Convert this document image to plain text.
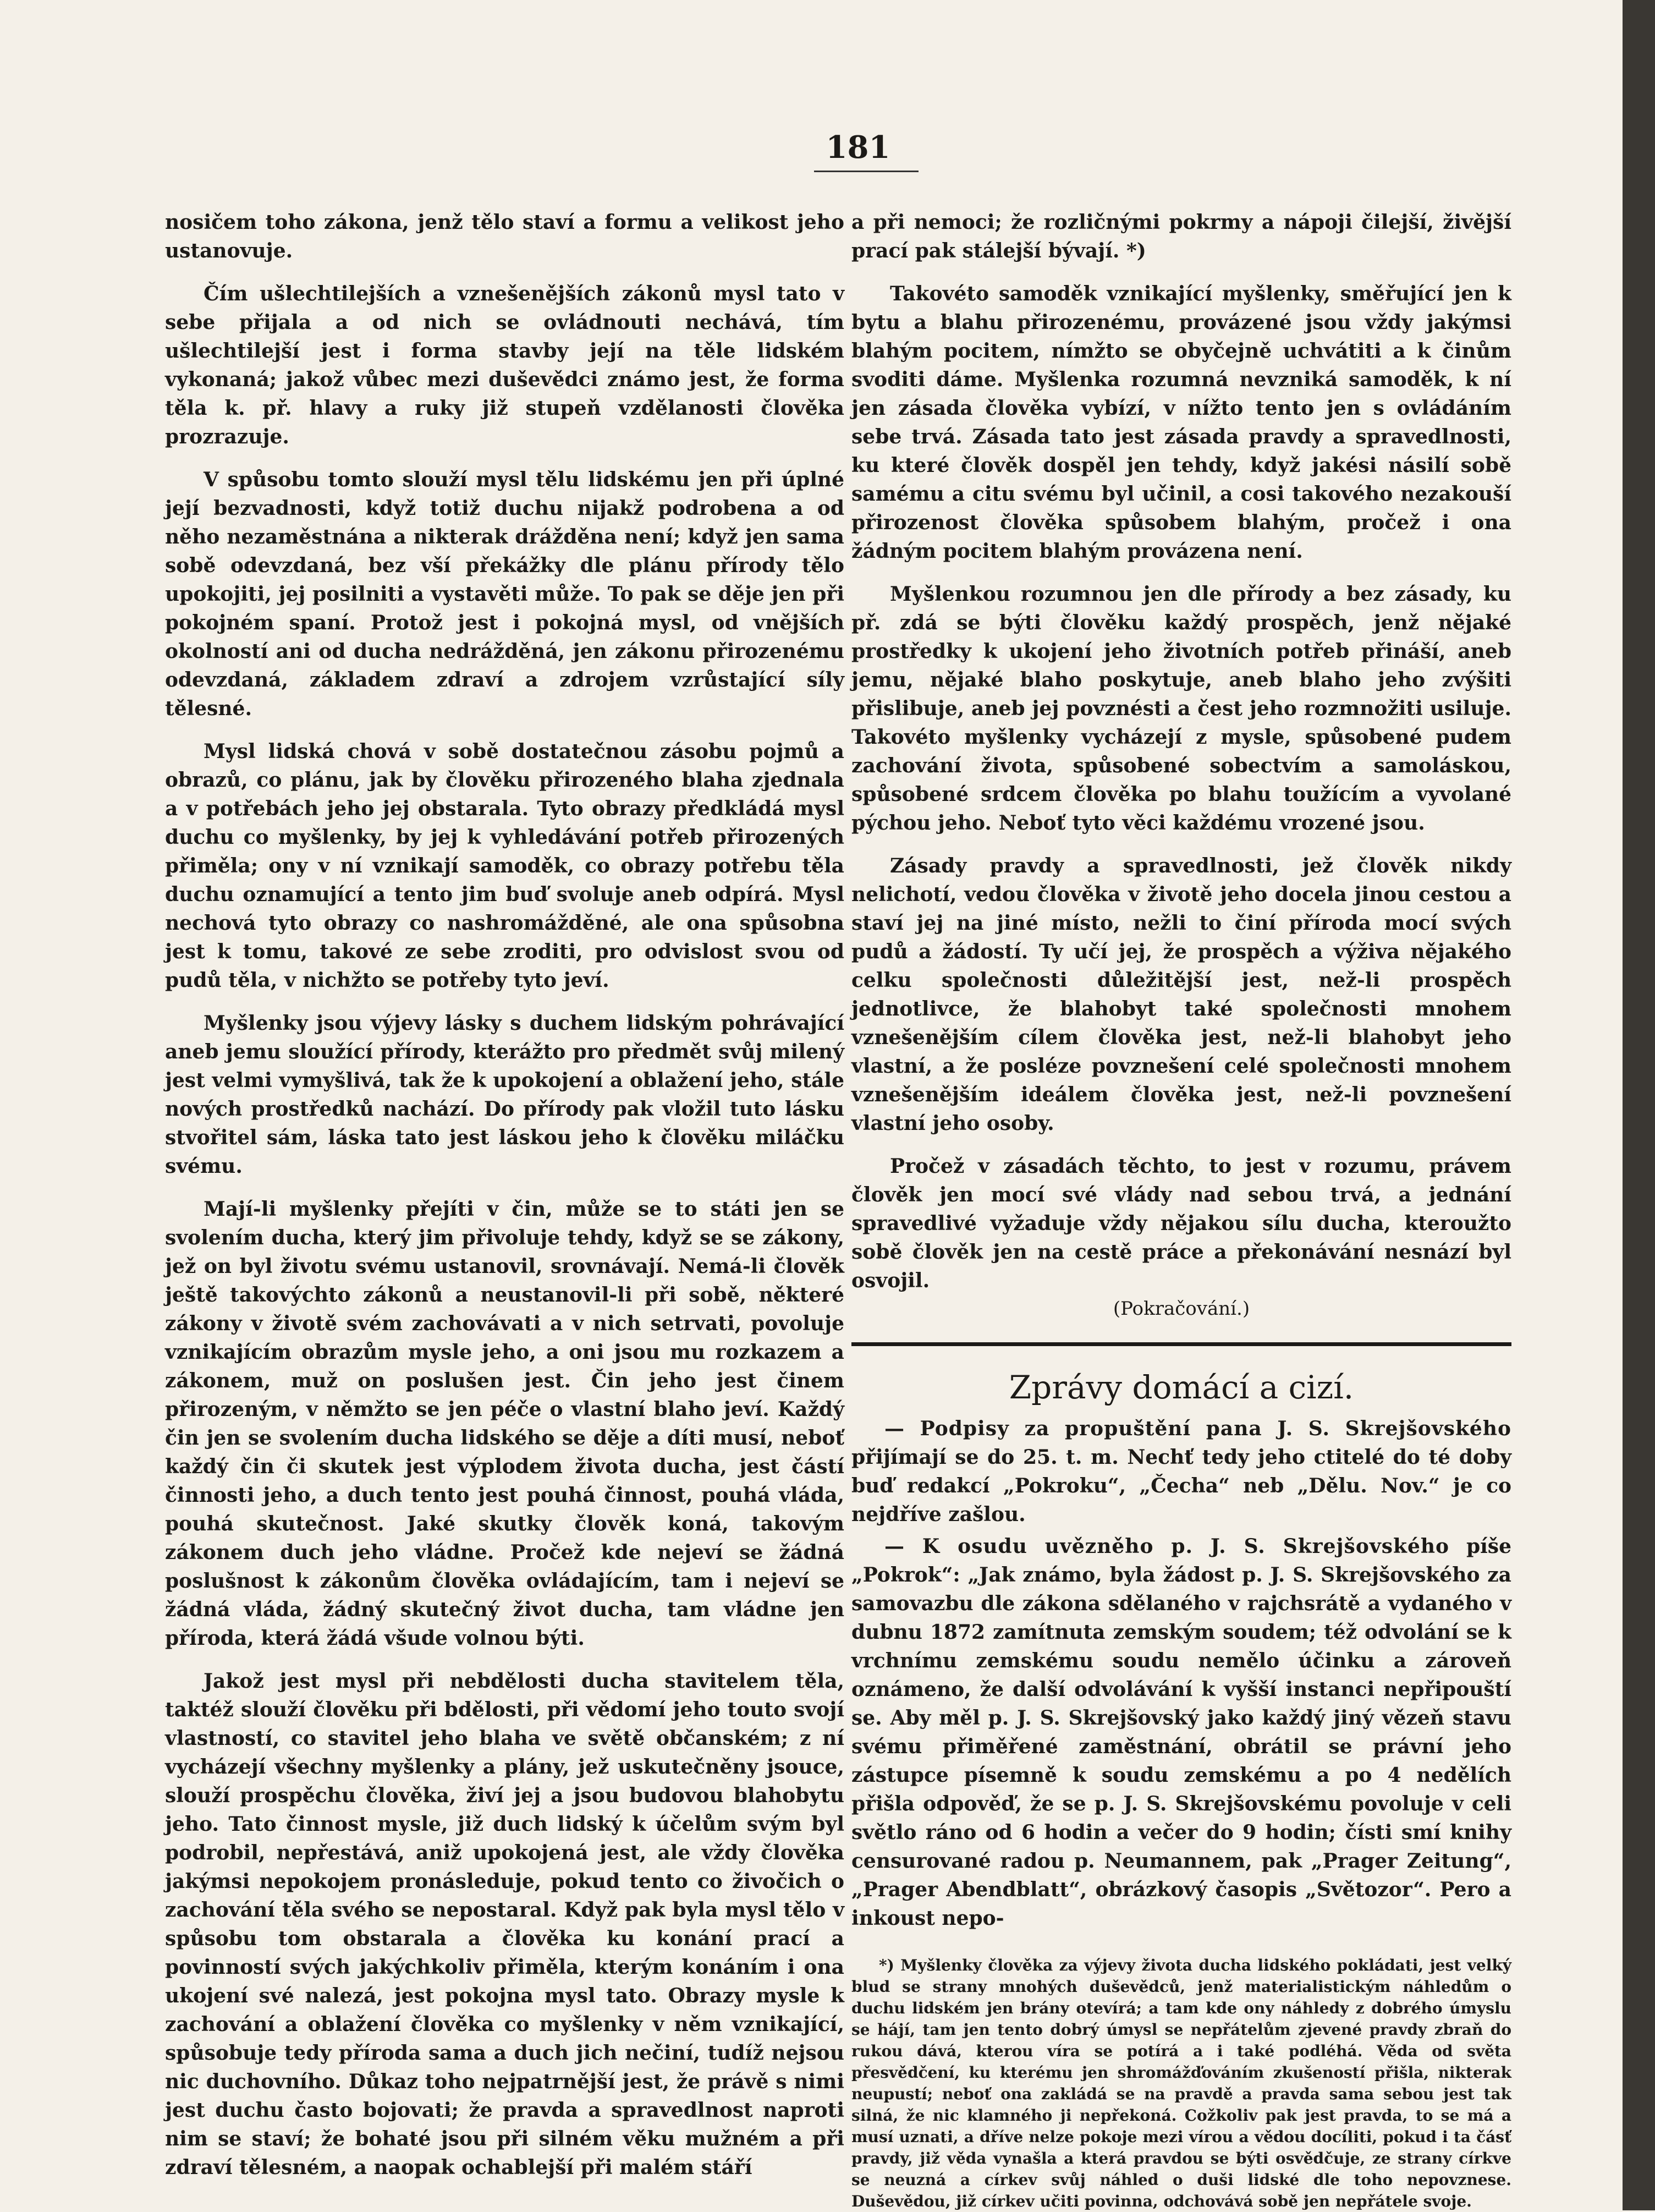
181

nosičem toho zákona, jenž tělo staví a formu a velikost jeho ustanovuje.

Čím ušlechtilejších a vznešenějších zákonů mysl tato v sebe přijala a od nich se ovládnouti nechává, tím ušlechtilejší jest i forma stavby její na těle lidském vykonaná; jakož vůbec mezi duševědci známo jest, že forma těla k. př. hlavy a ruky již stupeň vzdělanosti člověka prozrazuje.

V spůsobu tomto slouží mysl tělu lidskému jen při úplné její bezvadnosti, když totiž duchu nijakž podrobena a od něho nezaměstnána a nikterak drážděna není; když jen sama sobě odevzdaná, bez vší překážky dle plánu přírody tělo upokojiti, jej posilniti a vystavěti může. To pak se děje jen při pokojném spaní. Protož jest i pokojná mysl, od vnějších okolností ani od ducha nedrážděná, jen zákonu přirozenému odevzdaná, základem zdraví a zdrojem vzrůstající síly tělesné.

Mysl lidská chová v sobě dostatečnou zásobu pojmů a obrazů, co plánu, jak by člověku přirozeného blaha zjednala a v potřebách jeho jej obstarala. Tyto obrazy předkládá mysl duchu co myšlenky, by jej k vyhledávání potřeb přirozených přiměla; ony v ní vznikají samoděk, co obrazy potřebu těla duchu oznamující a tento jim buď svoluje aneb odpírá. Mysl nechová tyto obrazy co nashromážděné, ale ona spůsobna jest k tomu, takové ze sebe zroditi, pro odvislost svou od pudů těla, v nichžto se potřeby tyto jeví.

Myšlenky jsou výjevy lásky s duchem lidským pohrávající aneb jemu sloužící přírody, kterážto pro předmět svůj milený jest velmi vymyšlivá, tak že k upokojení a oblažení jeho, stále nových prostředků nachází. Do přírody pak vložil tuto lásku stvořitel sám, láska tato jest láskou jeho k člověku miláčku svému.

Mají-li myšlenky přejíti v čin, může se to státi jen se svolením ducha, který jim přivoluje tehdy, když se se zákony, jež on byl životu svému ustanovil, srovnávají. Nemá-li člověk ještě takovýchto zákonů a neustanovil-li při sobě, některé zákony v životě svém zachovávati a v nich setrvati, povoluje vznikajícím obrazům mysle jeho, a oni jsou mu rozkazem a zákonem, muž on poslušen jest. Čin jeho jest činem přirozeným, v němžto se jen péče o vlastní blaho jeví. Každý čin jen se svolením ducha lidského se děje a díti musí, neboť každý čin či skutek jest výplodem života ducha, jest částí činnosti jeho, a duch tento jest pouhá činnost, pouhá vláda, pouhá skutečnost. Jaké skutky člověk koná, takovým zákonem duch jeho vládne. Pročež kde nejeví se žádná poslušnost k zákonům člověka ovládajícím, tam i nejeví se žádná vláda, žádný skutečný život ducha, tam vládne jen příroda, která žádá všude volnou býti.

Jakož jest mysl při nebdělosti ducha stavitelem těla, taktéž slouží člověku při bdělosti, při vědomí jeho touto svojí vlastností, co stavitel jeho blaha ve světě občanském; z ní vycházejí všechny myšlenky a plány, jež uskutečněny jsouce, slouží prospěchu člověka, živí jej a jsou budovou blahobytu jeho. Tato činnost mysle, již duch lidský k účelům svým byl podrobil, nepřestává, aniž upokojená jest, ale vždy člověka jakýmsi nepokojem pronásleduje, pokud tento co živočich o zachování těla svého se nepostaral. Když pak byla mysl tělo v spůsobu tom obstarala a člověka ku konání prací a povinností svých jakýchkoliv přiměla, kterým konáním i ona ukojení své nalezá, jest pokojna mysl tato. Obrazy mysle k zachování a oblažení člověka co myšlenky v něm vznikající, spůsobuje tedy příroda sama a duch jich nečiní, tudíž nejsou nic duchovního. Důkaz toho nejpatrnější jest, že právě s nimi jest duchu často bojovati; že pravda a spravedlnost naproti nim se staví; že bohaté jsou při silném věku mužném a při zdraví tělesném, a naopak ochablejší při malém stáří

a při nemoci; že rozličnými pokrmy a nápoji čilejší, živější prací pak stálejší bývají. *)

Takovéto samoděk vznikající myšlenky, směřující jen k bytu a blahu přirozenému, provázené jsou vždy jakýmsi blahým pocitem, nímžto se obyčejně uchvátiti a k činům svoditi dáme. Myšlenka rozumná nevzniká samoděk, k ní jen zásada člověka vybízí, v nížto tento jen s ovládáním sebe trvá. Zásada tato jest zásada pravdy a spravedlnosti, ku které člověk dospěl jen tehdy, když jakési násilí sobě samému a citu svému byl učinil, a cosi takového nezakouší přirozenost člověka spůsobem blahým, pročež i ona žádným pocitem blahým provázena není.

Myšlenkou rozumnou jen dle přírody a bez zásady, ku př. zdá se býti člověku každý prospěch, jenž nějaké prostředky k ukojení jeho životních potřeb přináší, aneb jemu, nějaké blaho poskytuje, aneb blaho jeho zvýšiti přislibuje, aneb jej povznésti a čest jeho rozmnožiti usiluje. Takovéto myšlenky vycházejí z mysle, spůsobené pudem zachování života, spůsobené sobectvím a samoláskou, spůsobené srdcem člověka po blahu toužícím a vyvolané pýchou jeho. Neboť tyto věci každému vrozené jsou.

Zásady pravdy a spravedlnosti, jež člověk nikdy nelichotí, vedou člověka v životě jeho docela jinou cestou a staví jej na jiné místo, nežli to činí příroda mocí svých pudů a žádostí. Ty učí jej, že prospěch a výživa nějakého celku společnosti důležitější jest, než-li prospěch jednotlivce, že blahobyt také společnosti mnohem vznešenějším cílem člověka jest, než-li blahobyt jeho vlastní, a že posléze povznešení celé společnosti mnohem vznešenějším ideálem člověka jest, než-li povznešení vlastní jeho osoby.

Pročež v zásadách těchto, to jest v rozumu, právem člověk jen mocí své vlády nad sebou trvá, a jednání spravedlivé vyžaduje vždy nějakou sílu ducha, kteroužto sobě člověk jen na cestě práce a překonávání nesnází byl osvojil.

(Pokračování.)

Zprávy domácí a cizí.

— Podpisy za propuštění pana J. S. Skrejšovského přijímají se do 25. t. m. Nechť tedy jeho ctitelé do té doby buď redakcí „Pokroku“, „Čecha“ neb „Dělu. Nov.“ je co nejdříve zašlou.

— K osudu uvězněho p. J. S. Skrejšovského píše „Pokrok“: „Jak známo, byla žádost p. J. S. Skrejšovského za samovazbu dle zákona sdělaného v rajchsrátě a vydaného v dubnu 1872 zamítnuta zemským soudem; též odvolání se k vrchnímu zemskému soudu nemělo účinku a zároveň oznámeno, že další odvolávání k vyšší instanci nepřipouští se. Aby měl p. J. S. Skrejšovský jako každý jiný vězeň stavu svému přiměřené zaměstnání, obrátil se právní jeho zástupce písemně k soudu zemskému a po 4 nedělích přišla odpověď, že se p. J. S. Skrejšovskému povoluje v celi světlo ráno od 6 hodin a večer do 9 hodin; čísti smí knihy censurované radou p. Neumannem, pak „Prager Zeitung“, „Prager Abendblatt“, obrázkový časopis „Světozor“. Pero a inkoust nepo-

*) Myšlenky člověka za výjevy života ducha lidského pokládati, jest velký blud se strany mnohých duševědců, jenž materialistickým náhledům o duchu lidském jen brány otevírá; a tam kde ony náhledy z dobrého úmyslu se hájí, tam jen tento dobrý úmysl se nepřátelům zjevené pravdy zbraň do rukou dává, kterou víra se potírá a i také podléhá. Věda od světa přesvědčení, ku kterému jen shromážďováním zkušeností přišla, nikterak neupustí; neboť ona zakládá se na pravdě a pravda sama sebou jest tak silná, že nic klamného ji nepřekoná. Cožkoliv pak jest pravda, to se má a musí uznati, a dříve nelze pokoje mezi vírou a vědou docíliti, pokud i ta čásť pravdy, již věda vynašla a která pravdou se býti osvědčuje, ze strany církve se neuzná a církev svůj náhled o duši lidské dle toho nepovznese. Duševědou, již církev učiti povinna, odchovává sobě jen nepřátele svoje.
